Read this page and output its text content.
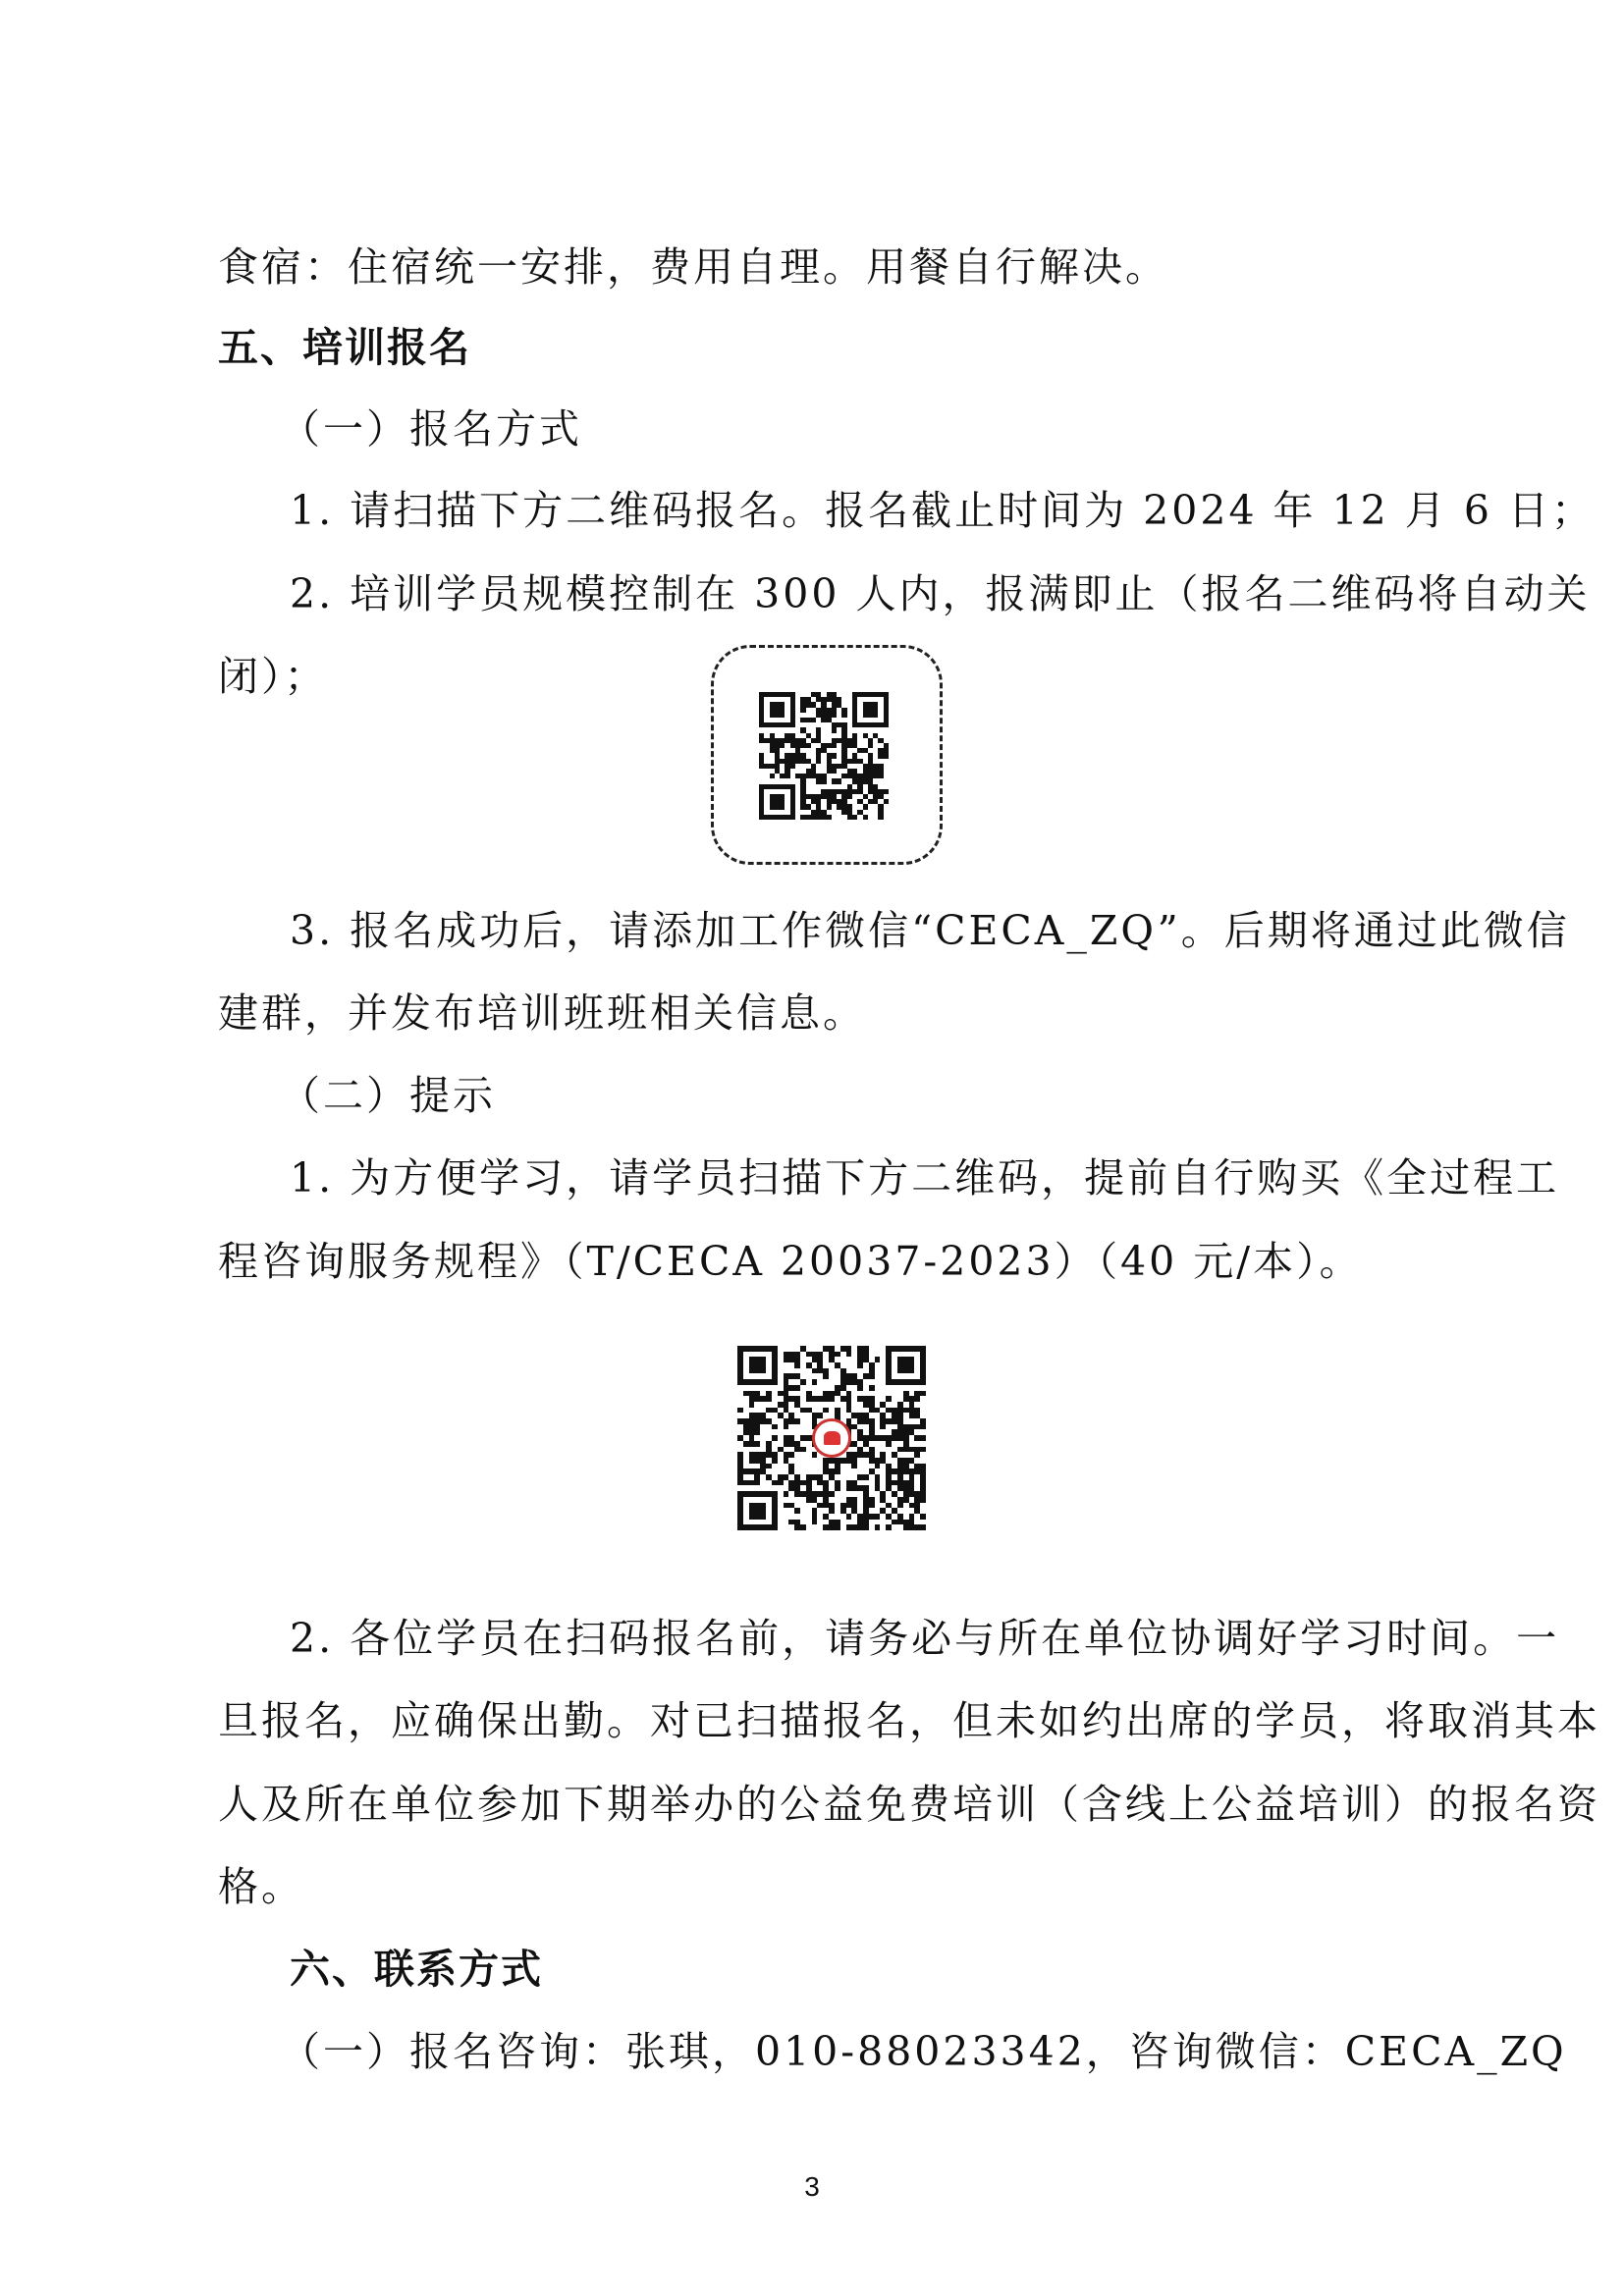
食宿：住宿统一安排，费用自理。用餐自行解决。
五、培训报名
（一）报名方式
1. 请扫描下方二维码报名。报名截止时间为 2024 年 12 月 6 日；
2. 培训学员规模控制在 300 人内，报满即止（报名二维码将自动关
闭）；
3. 报名成功后，请添加工作微信“CECA_ZQ”。后期将通过此微信
建群，并发布培训班班相关信息。
（二）提示
1. 为方便学习，请学员扫描下方二维码，提前自行购买《全过程工
程咨询服务规程》（T/CECA 20037-2023）（40 元/本）。
2. 各位学员在扫码报名前，请务必与所在单位协调好学习时间。一
旦报名，应确保出勤。对已扫描报名，但未如约出席的学员，将取消其本
人及所在单位参加下期举办的公益免费培训（含线上公益培训）的报名资
格。
六、联系方式
（一）报名咨询：张琪，010-88023342，咨询微信：CECA_ZQ
3
